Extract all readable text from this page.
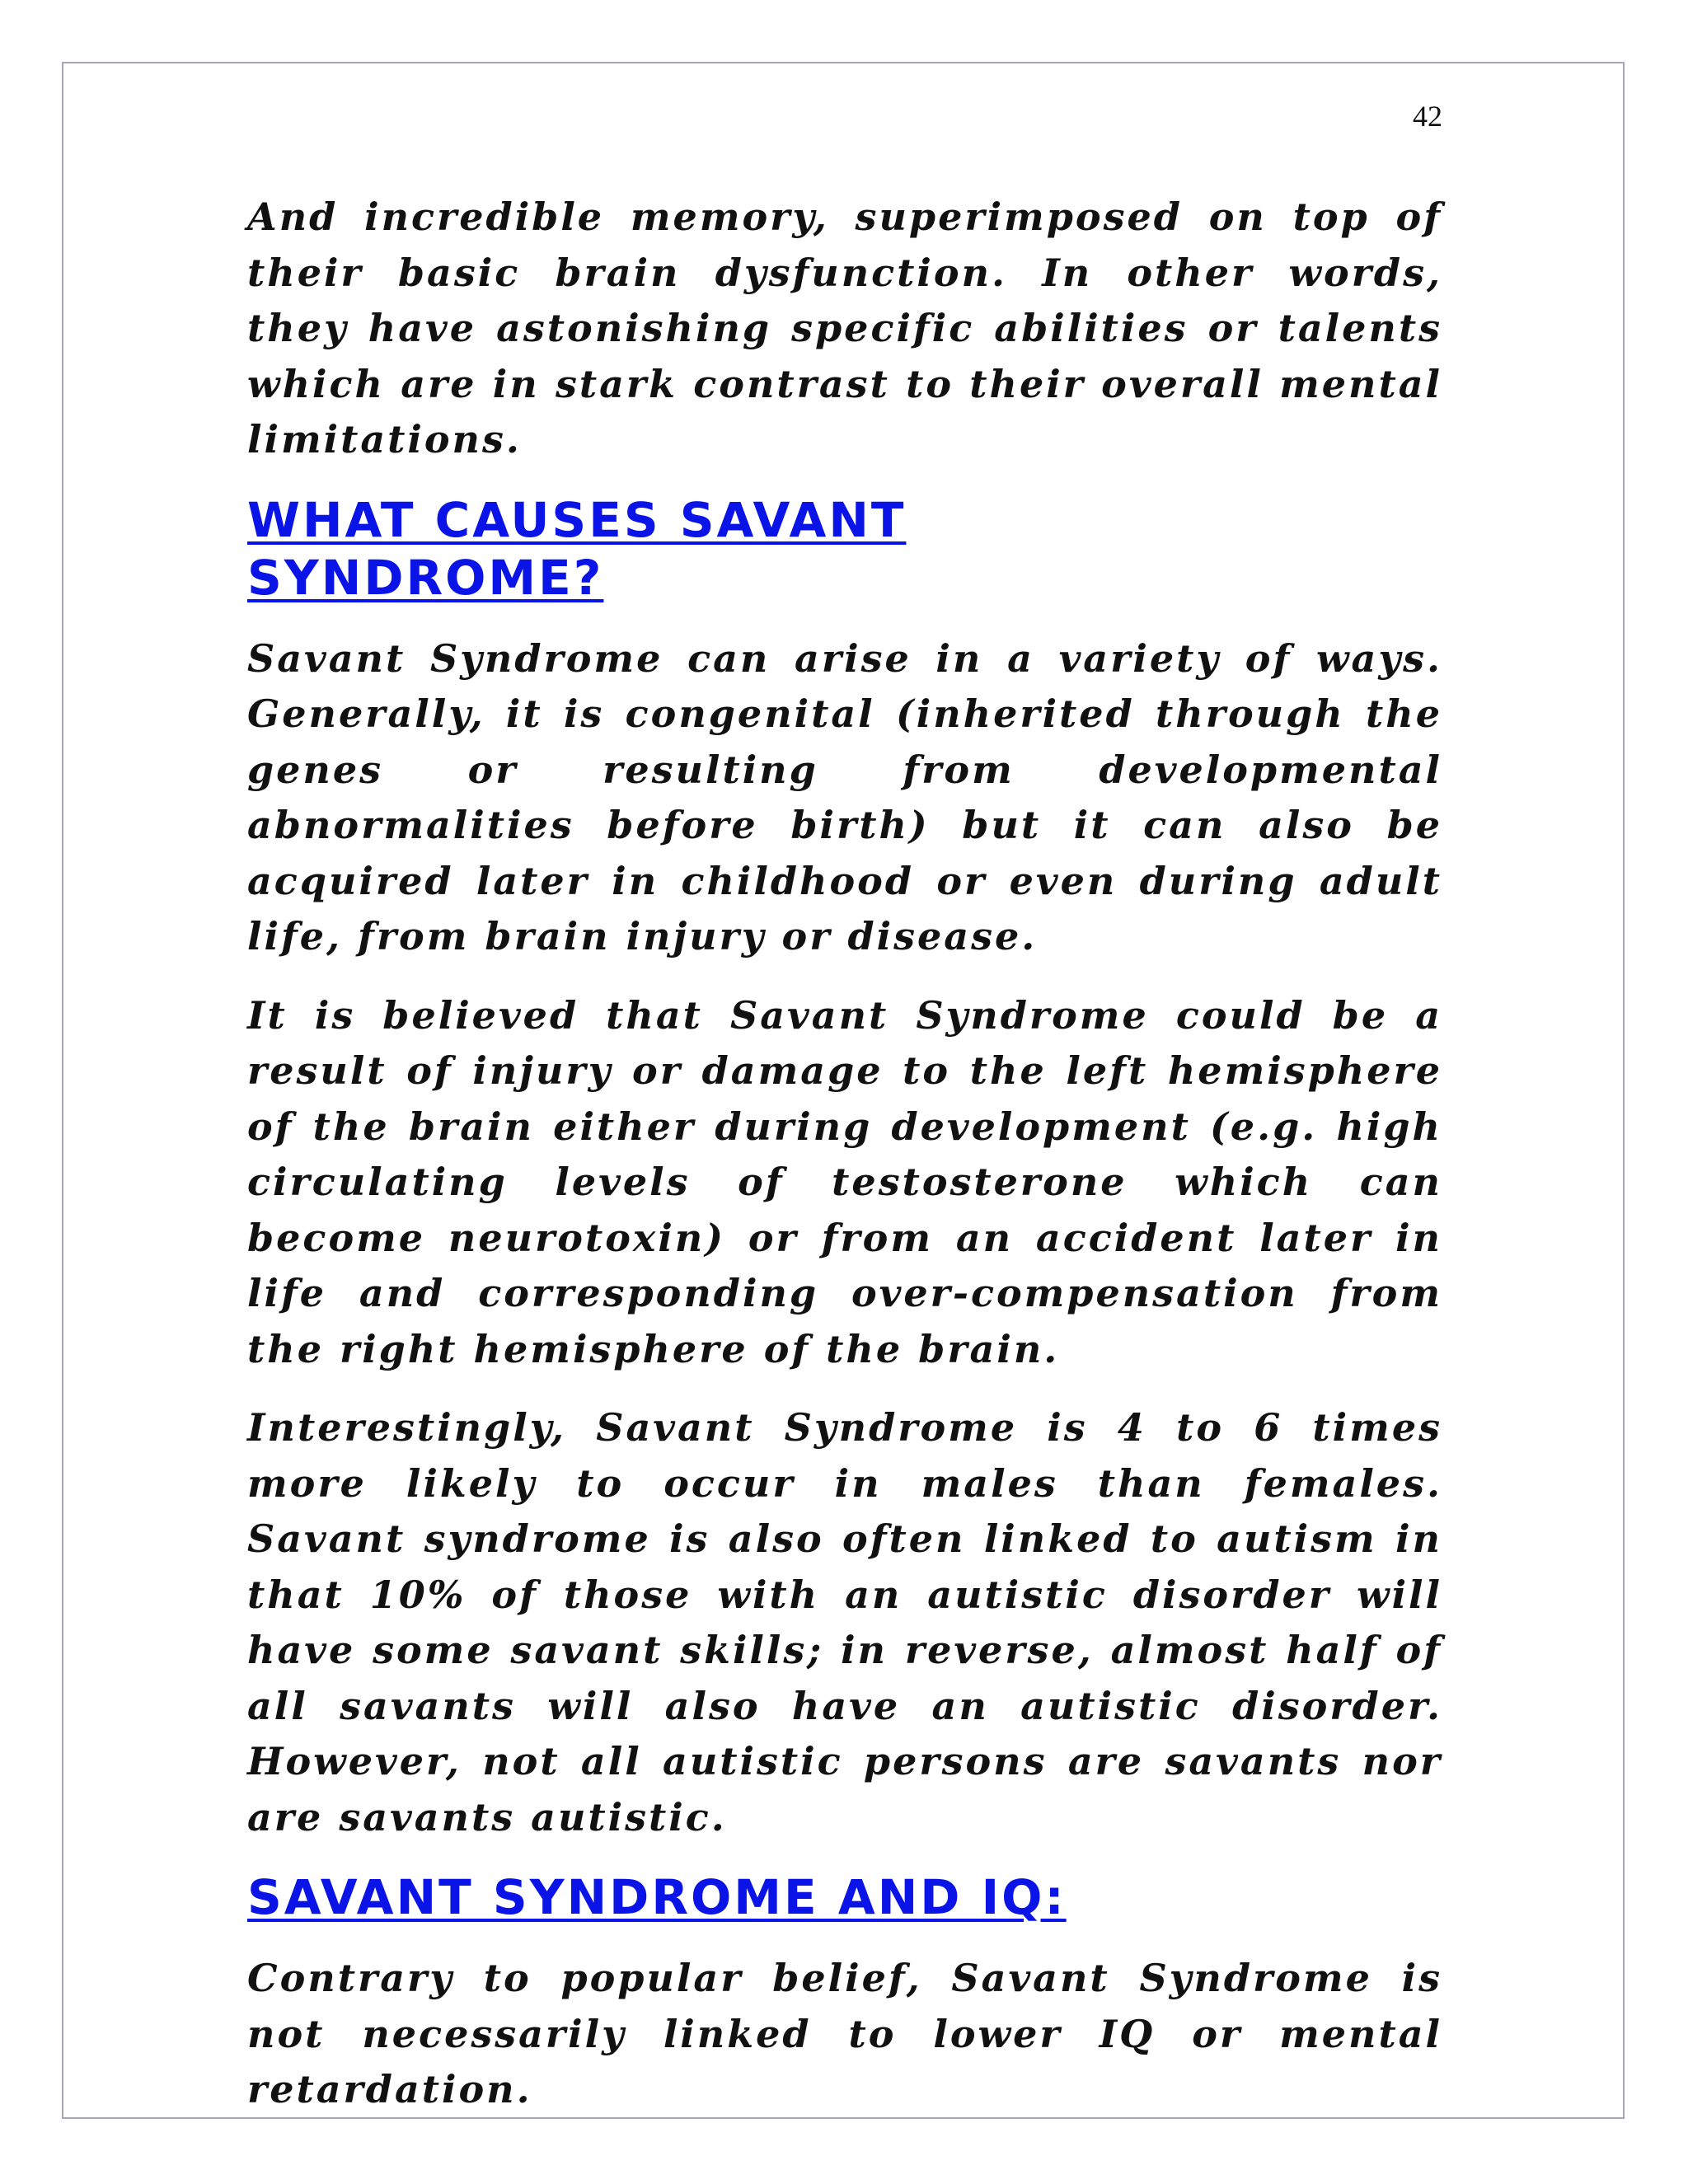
42

And incredible memory, superimposed on top of their basic brain dysfunction. In other words, they have astonishing specific abilities or talents which are in stark contrast to their overall mental limitations.

WHAT CAUSES SAVANT SYNDROME?

Savant Syndrome can arise in a variety of ways. Generally, it is congenital (inherited through the genes or resulting from developmental abnormalities before birth) but it can also be acquired later in childhood or even during adult life, from brain injury or disease.

It is believed that Savant Syndrome could be a result of injury or damage to the left hemisphere of the brain either during development (e.g. high circulating levels of testosterone which can become neurotoxin) or from an accident later in life and corresponding over-compensation from the right hemisphere of the brain.

Interestingly, Savant Syndrome is 4 to 6 times more likely to occur in males than females. Savant syndrome is also often linked to autism in that 10% of those with an autistic disorder will have some savant skills; in reverse, almost half of all savants will also have an autistic disorder. However, not all autistic persons are savants nor are savants autistic.

SAVANT SYNDROME AND IQ:

Contrary to popular belief, Savant Syndrome is not necessarily linked to lower IQ or mental retardation.
